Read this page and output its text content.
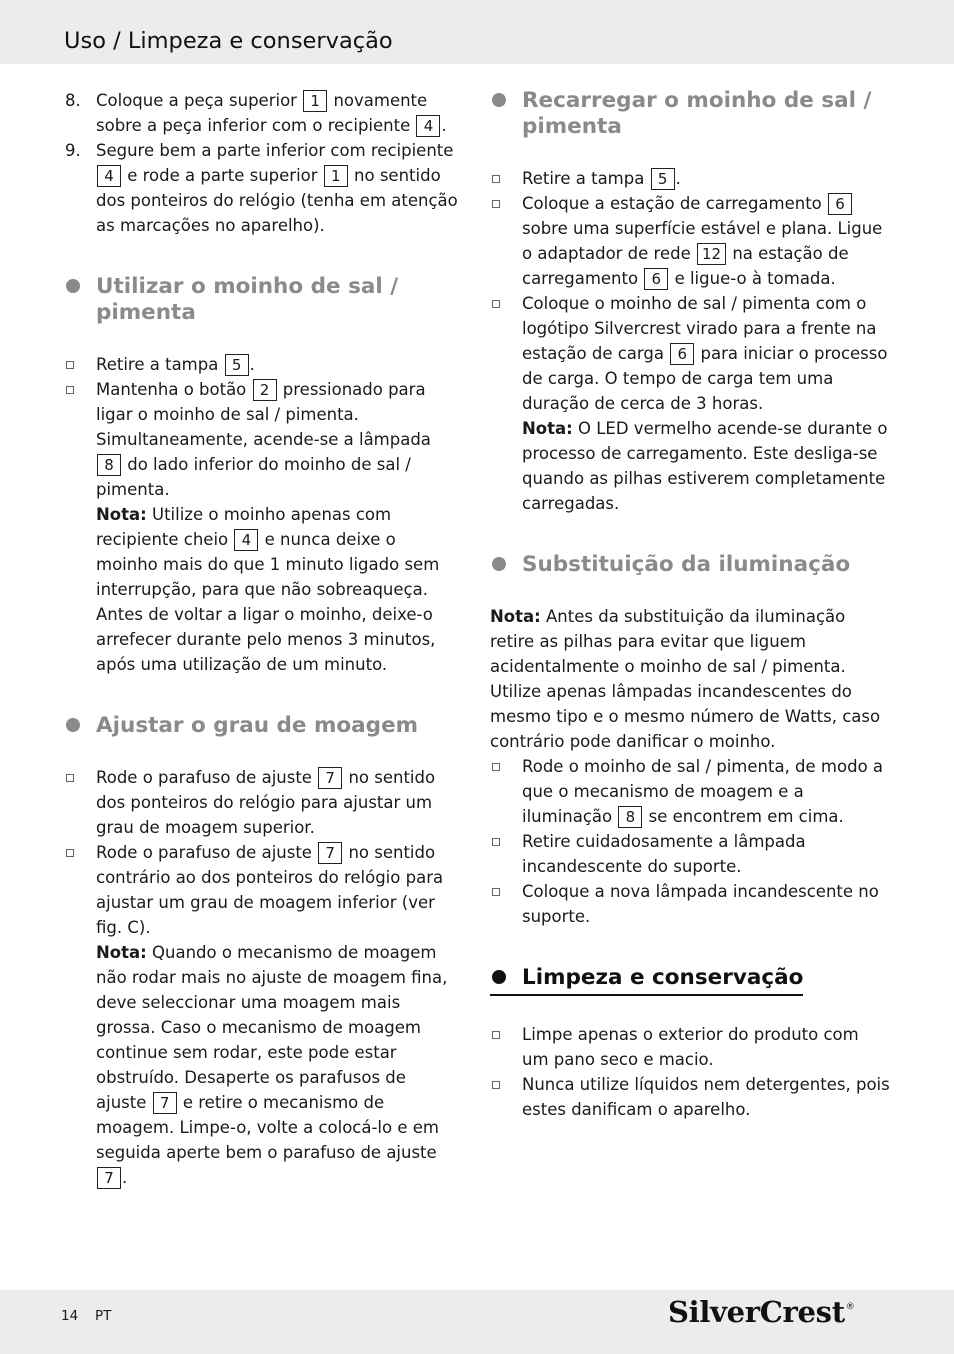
Uso / Limpeza e conservação
8. Coloque a peça superior 1 novamente sobre a peça inferior com o recipiente 4 .
9. Segure bem a parte inferior com recipiente 4 e rode a parte superior 1 no sentido dos ponteiros do relógio (tenha em atenção as marcações no aparelho).
Utilizar o moinho de sal / pimenta
Retire a tampa 5 .
Mantenha o botão 2 pressionado para ligar o moinho de sal / pimenta. Simultaneamente, acende-se a lâmpada 8 do lado inferior do moinho de sal / pimenta.

Nota: Utilize o moinho apenas com recipiente cheio 4 e nunca deixe o moinho mais do que 1 minuto ligado sem interrupção, para que não sobreaqueça. Antes de voltar a ligar o moinho, deixe-o arrefecer durante pelo menos 3 minutos, após uma utilização de um minuto.

Ajustar o grau de moagem
Rode o parafuso de ajuste 7 no sentido dos ponteiros do relógio para ajustar um grau de moagem superior.
Rode o parafuso de ajuste 7 no sentido contrário ao dos ponteiros do relógio para ajustar um grau de moagem inferior (ver fig. C).

Nota: Quando o mecanismo de moagem não rodar mais no ajuste de moagem fina, deve seleccionar uma moagem mais grossa. Caso o mecanismo de moagem continue sem rodar, este pode estar obstruído. Desaperte os parafusos de ajuste 7 e retire o mecanismo de moagem. Limpe-o, volte a colocá-lo e em seguida aperte bem o parafuso de ajuste 7 .

Recarregar o moinho de sal / pimenta
Retire a tampa 5 .
Coloque a estação de carregamento 6 sobre uma superfície estável e plana. Ligue o adaptador de rede 12 na estação de carregamento 6 e ligue-o à tomada.
Coloque o moinho de sal / pimenta com o logótipo Silvercrest virado para a frente na estação de carga 6 para iniciar o processo de carga. O tempo de carga tem uma duração de cerca de 3 horas.

Nota: O LED vermelho acende-se durante o processo de carregamento. Este desliga-se quando as pilhas estiverem completamente carregadas.

Substituição da iluminação

Nota: Antes da substituição da iluminação retire as pilhas para evitar que liguem acidentalmente o moinho de sal / pimenta. Utilize apenas lâmpadas incandescentes do mesmo tipo e o mesmo número de Watts, caso contrário pode danificar o moinho.

Rode o moinho de sal / pimenta, de modo a que o mecanismo de moagem e a iluminação 8 se encontrem em cima.
Retire cuidadosamente a lâmpada incandescente do suporte.
Coloque a nova lâmpada incandescente no suporte.
Limpeza e conservação
Limpe apenas o exterior do produto com um pano seco e macio.
Nunca utilize líquidos nem detergentes, pois estes danificam o aparelho.
14 PT	SilverCrest®
